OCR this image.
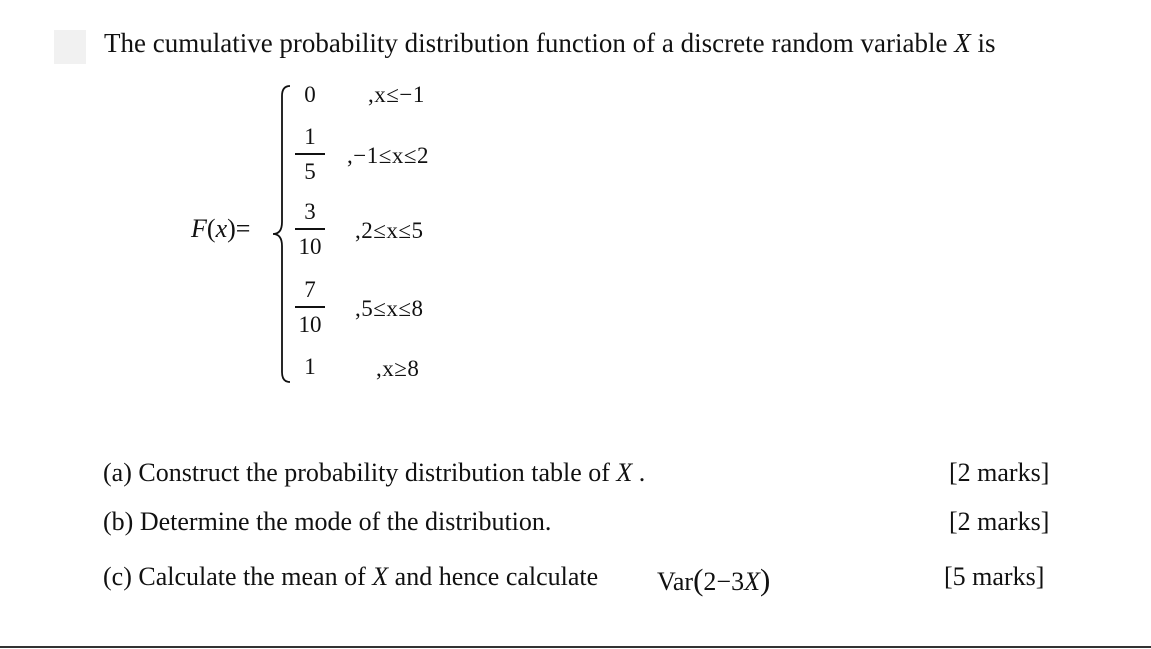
The cumulative probability distribution function of a discrete random variable X is
F(x)=
0	,x≤−1
1
5
,−1≤x≤2
3
10
,2≤x≤5
7
10
,5≤x≤8
1	,x≥8
(a) Construct the probability distribution table of X .	[2 marks]
(b) Determine the mode of the distribution.	[2 marks]
(c) Calculate the mean of X and hence calculate Var(2−3X)	[5 marks]
